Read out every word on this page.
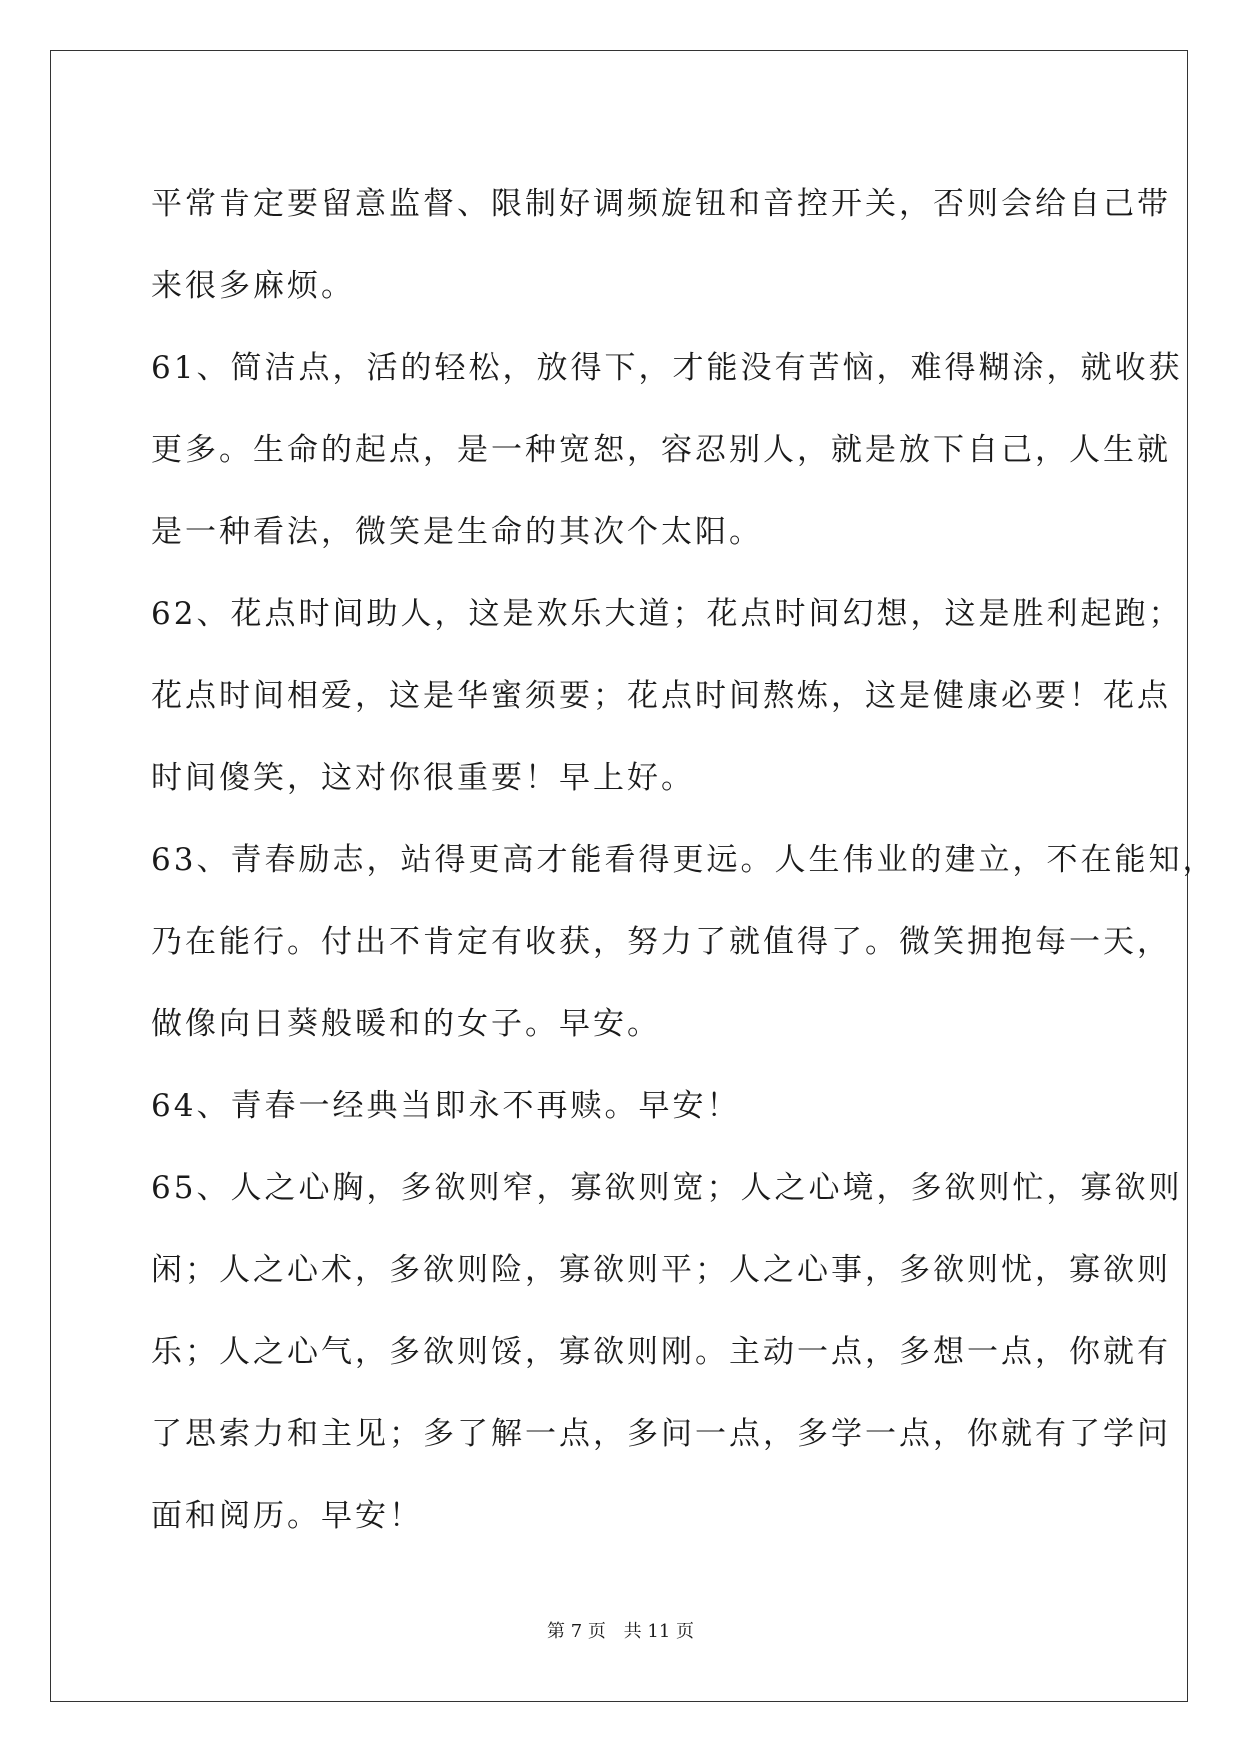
平常肯定要留意监督、限制好调频旋钮和音控开关，否则会给自己带
来很多麻烦。
61、简洁点，活的轻松，放得下，才能没有苦恼，难得糊涂，就收获
更多。生命的起点，是一种宽恕，容忍别人，就是放下自己，人生就
是一种看法，微笑是生命的其次个太阳。
62、花点时间助人，这是欢乐大道；花点时间幻想，这是胜利起跑；
花点时间相爱，这是华蜜须要；花点时间熬炼，这是健康必要！花点
时间傻笑，这对你很重要！早上好。
63、青春励志，站得更高才能看得更远。人生伟业的建立，不在能知，
乃在能行。付出不肯定有收获，努力了就值得了。微笑拥抱每一天，
做像向日葵般暖和的女子。早安。
64、青春一经典当即永不再赎。早安！
65、人之心胸，多欲则窄，寡欲则宽；人之心境，多欲则忙，寡欲则
闲；人之心术，多欲则险，寡欲则平；人之心事，多欲则忧，寡欲则
乐；人之心气，多欲则馁，寡欲则刚。主动一点，多想一点，你就有
了思索力和主见；多了解一点，多问一点，多学一点，你就有了学问
面和阅历。早安！
第 7 页 共 11 页
